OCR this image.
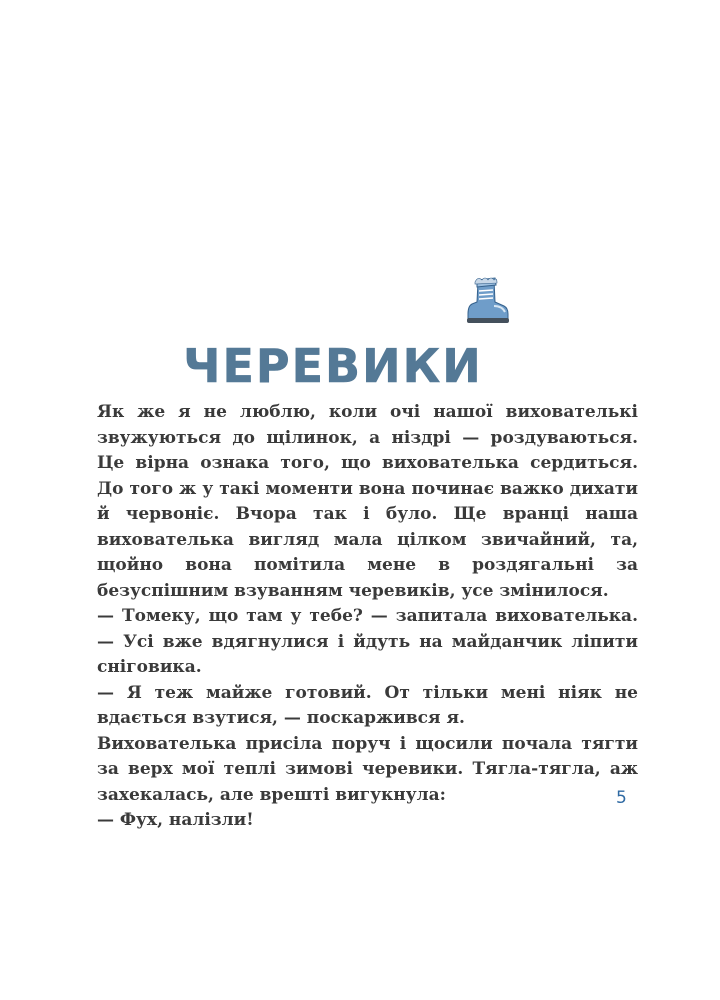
ЧЕРЕВИКИ

Як же я не люблю, коли очі нашої вихователькі звужуються до щілинок, а ніздрі — роздуваються. Це вірна ознака того, що вихователька сердиться. До того ж у такі моменти вона починає важко дихати й червоніє. Вчора так і було. Ще вранці наша вихователька вигляд мала цілком звичайний, та, щойно вона помітила мене в роздягальні за безуспішним взуванням черевиків, усе змінилося.

— Томеку, що там у тебе? — запитала вихователька. — Усі вже вдягнулися і йдуть на майданчик ліпити сніговика.

— Я теж майже готовий. От тільки мені ніяк не вдається взутися, — поскаржився я.

Вихователька присіла поруч і щосили почала тягти за верх мої теплі зимові черевики. Тягла-тягла, аж захекалась, але врешті вигукнула:

— Фух, налізли!

5
